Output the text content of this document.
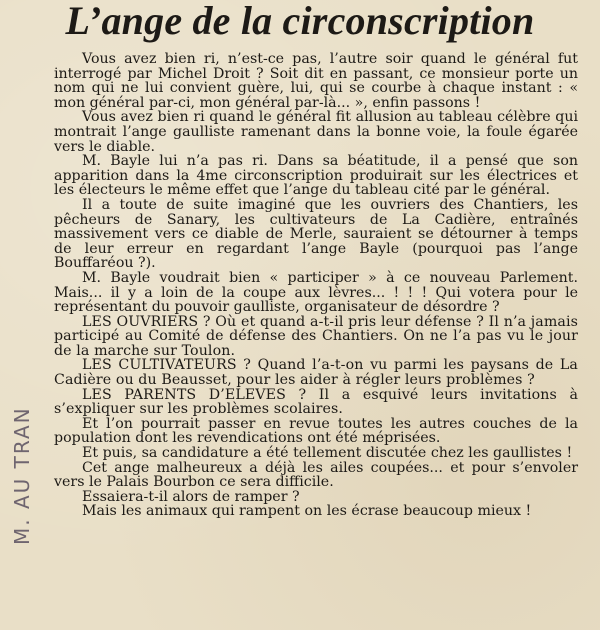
L’ange de la circonscription

Vous avez bien ri, n’est-ce pas, l’autre soir quand le général fut interrogé par Michel Droit ? Soit dit en passant, ce monsieur porte un nom qui ne lui convient guère, lui, qui se courbe à chaque instant : « mon général par-ci, mon général par-là... », enfin passons !

Vous avez bien ri quand le général fit allusion au tableau célèbre qui montrait l’ange gaulliste ramenant dans la bonne voie, la foule égarée vers le diable.

M. Bayle lui n’a pas ri. Dans sa béatitude, il a pensé que son apparition dans la 4me circonscription produirait sur les électrices et les électeurs le même effet que l’ange du tableau cité par le général.

Il a toute de suite imaginé que les ouvriers des Chantiers, les pêcheurs de Sanary, les cultivateurs de La Cadière, entraînés massivement vers ce diable de Merle, sauraient se détourner à temps de leur erreur en regardant l’ange Bayle (pourquoi pas l’ange Bouffaréou ?).

M. Bayle voudrait bien « participer » à ce nouveau Parlement. Mais... il y a loin de la coupe aux lèvres... ! ! ! Qui votera pour le représentant du pouvoir gaulliste, organisateur de désordre ?

LES OUVRIERS ? Où et quand a-t-il pris leur défense ? Il n’a jamais participé au Comité de défense des Chantiers. On ne l’a pas vu le jour de la marche sur Toulon.

LES CULTIVATEURS ? Quand l’a-t-on vu parmi les paysans de La Cadière ou du Beausset, pour les aider à régler leurs problèmes ?

LES PARENTS D’ELEVES ? Il a esquivé leurs invitations à s’expliquer sur les problèmes scolaires.

Et l’on pourrait passer en revue toutes les autres couches de la population dont les revendications ont été méprisées.

Et puis, sa candidature a été tellement discutée chez les gaullistes !

Cet ange malheureux a déjà les ailes coupées... et pour s’envoler vers le Palais Bourbon ce sera difficile.

Essaiera-t-il alors de ramper ?

Mais les animaux qui rampent on les écrase beaucoup mieux !

M. AU TRAN
